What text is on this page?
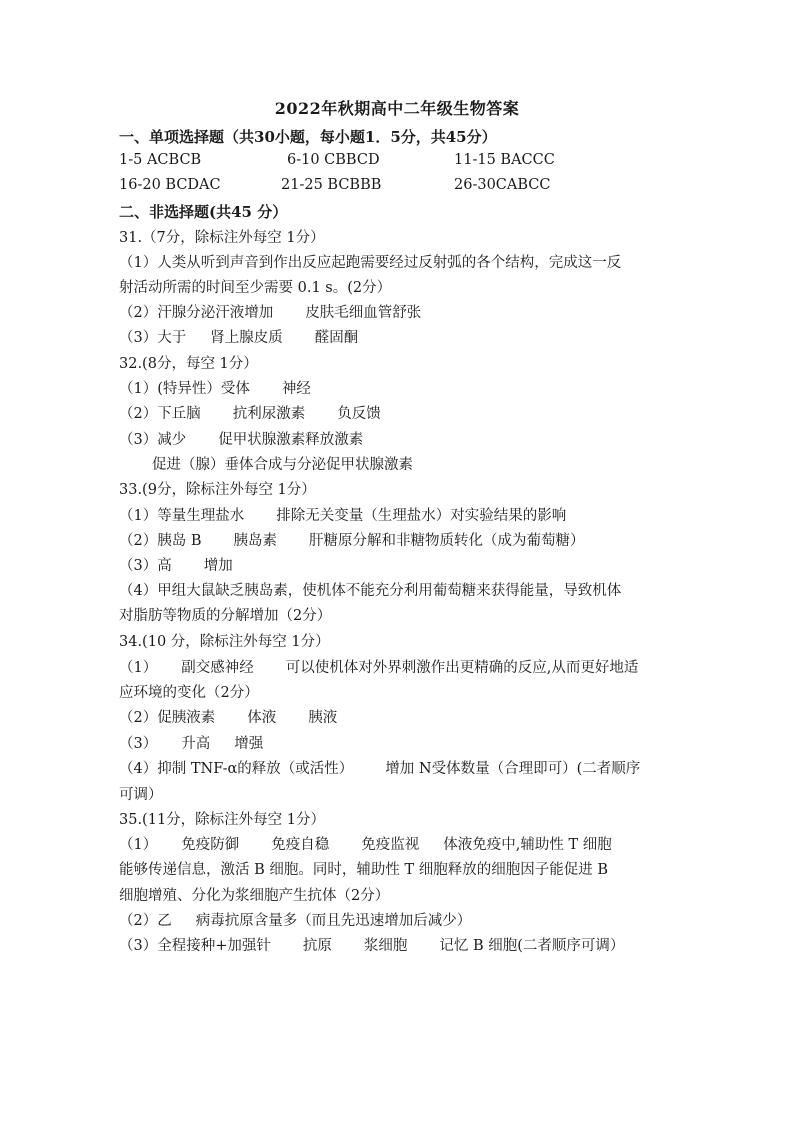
2022年秋期高中二年级生物答案
一、单项选择题（共30小题，每小题1．5分，共45分）
1-5 ACBCB	6-10 CBBCD	11-15 BACCC
16-20 BCDAC	21-25 BCBBB	26-30CABCC
二、非选择题(共45 分）
31.（7分，除标注外每空 1分）
（1）人类从听到声音到作出反应起跑需要经过反射弧的各个结构，完成这一反
射活动所需的时间至少需要 0.1 s。(2分）
（2）汗腺分泌汗液增加 皮肤毛细血管舒张
（3）大于 肾上腺皮质 醛固酮
32.(8分，每空 1分）
（1）(特异性）受体 神经
（2）下丘脑 抗利尿激素 负反馈
（3）减少 促甲状腺激素释放激素
促进（腺）垂体合成与分泌促甲状腺激素
33.(9分，除标注外每空 1分）
（1）等量生理盐水 排除无关变量（生理盐水）对实验结果的影响
（2）胰岛 B 胰岛素 肝糖原分解和非糖物质转化（成为葡萄糖）
（3）高 增加
（4）甲组大鼠缺乏胰岛素，使机体不能充分利用葡萄糖来获得能量，导致机体
对脂肪等物质的分解增加（2分）
34.(10 分，除标注外每空 1分）
（1） 副交感神经 可以使机体对外界刺激作出更精确的反应,从而更好地适
应环境的变化（2分）
（2）促胰液素 体液 胰液
（3） 升高 增强
（4）抑制 TNF-α的释放（或活性） 增加 N受体数量（合理即可）(二者顺序
可调）
35.(11分，除标注外每空 1分）
（1） 免疫防御 免疫自稳 免疫监视 体液免疫中,辅助性 T 细胞
能够传递信息，激活 B 细胞。同时，辅助性 T 细胞释放的细胞因子能促进 B
细胞增殖、分化为浆细胞产生抗体（2分）
（2）乙 病毒抗原含量多（而且先迅速增加后减少）
（3）全程接种+加强针 抗原 浆细胞 记忆 B 细胞(二者顺序可调）
